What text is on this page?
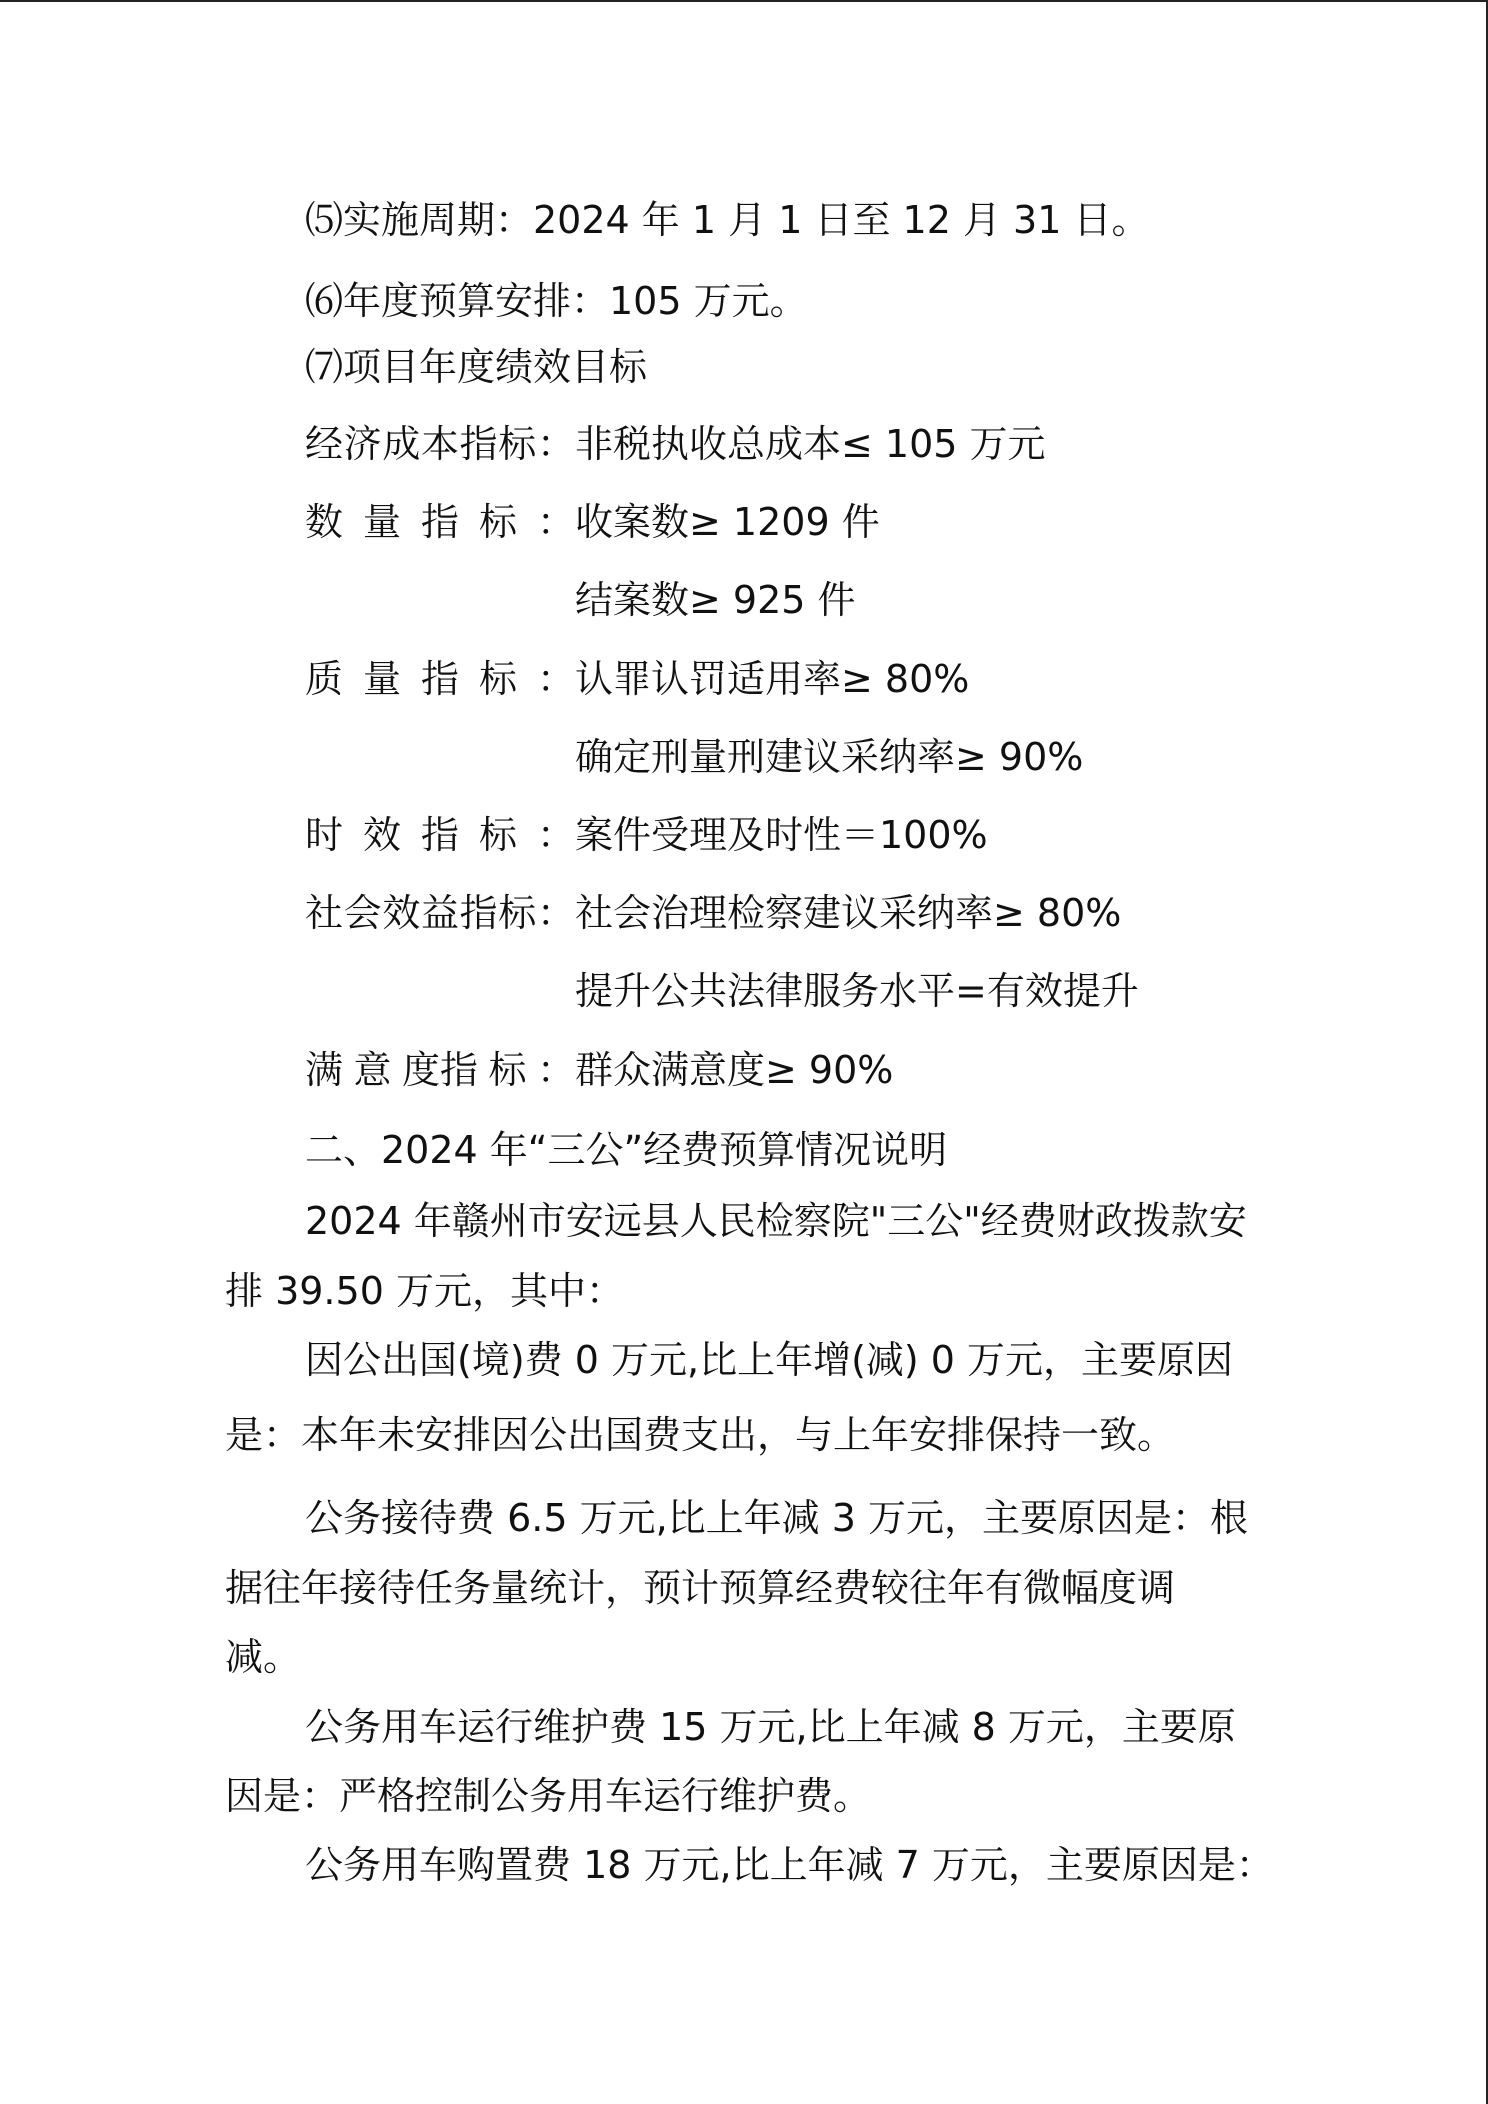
⑸实施周期：2024 年 1 月 1 日至 12 月 31 日。
⑹年度预算安排：105 万元。
⑺项目年度绩效目标
经 济 成 本 指 标 ： 非税执收总成本≤ 105 万元
数 量 指 标 ： 收案数≥ 1209 件
结案数≥ 925 件
质 量 指 标 ： 认罪认罚适用率≥ 80%
确定刑量刑建议采纳率≥ 90%
时 效 指 标 ： 案件受理及时性＝100%
社 会 效 益 指 标 ： 社会治理检察建议采纳率≥ 80%
提升公共法律服务水平=有效提升
满 意 度指 标 ： 群众满意度≥ 90%
二、2024 年“三公”经费预算情况说明
2024 年赣州市安远县人民检察院"三公"经费财政拨款安
排 39.50 万元，其中：
因公出国(境)费 0 万元,比上年增(减) 0 万元，主要原因
是：本年未安排因公出国费支出，与上年安排保持一致。
公务接待费 6.5 万元,比上年减 3 万元，主要原因是：根
据往年接待任务量统计，预计预算经费较往年有微幅度调
减。
公务用车运行维护费 15 万元,比上年减 8 万元，主要原
因是：严格控制公务用车运行维护费。
公务用车购置费 18 万元,比上年减 7 万元，主要原因是：
